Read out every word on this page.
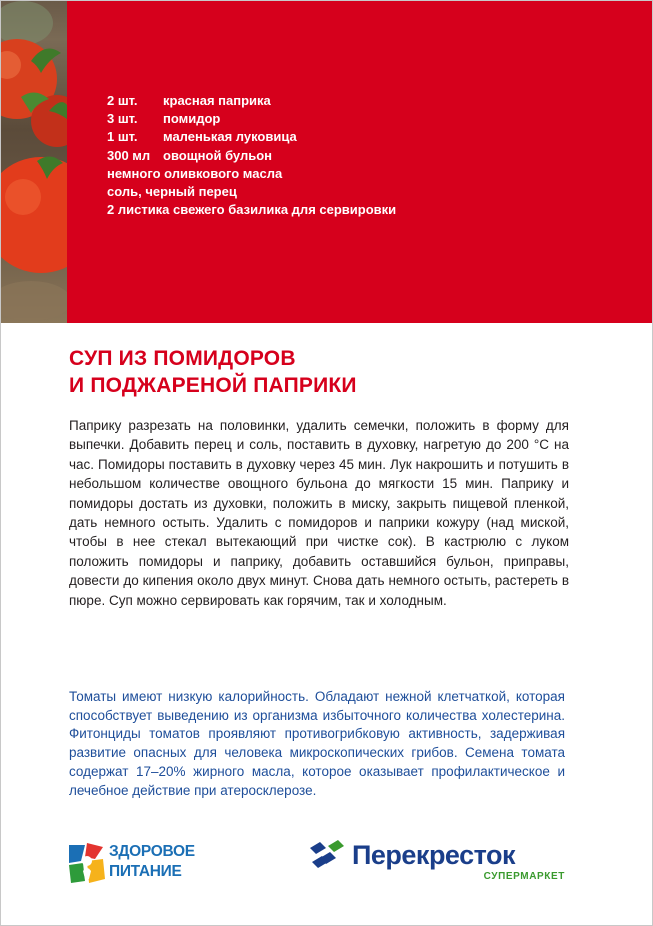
2 шт. красная паприка
3 шт. помидор
1 шт. маленькая луковица
300 мл овощной бульон
немного оливкового масла
соль, черный перец
2 листика свежего базилика для сервировки
СУП ИЗ ПОМИДОРОВ
И ПОДЖАРЕНОЙ ПАПРИКИ

Паприку разрезать на половинки, удалить семечки, положить в форму для выпечки. Добавить перец и соль, поставить в духовку, нагретую до 200 °С на час. Помидоры поставить в духовку через 45 мин. Лук накрошить и потушить в небольшом количестве овощного бульона до мягкости 15 мин. Паприку и помидоры достать из духовки, положить в миску, закрыть пищевой пленкой, дать немного остыть. Удалить с помидоров и паприки кожуру (над миской, чтобы в нее стекал вытекающий при чистке сок). В кастрюлю с луком положить помидоры и паприку, добавить оставшийся бульон, приправы, довести до кипения около двух минут. Снова дать немного остыть, растереть в пюре. Суп можно сервировать как горячим, так и холодным.

Томаты имеют низкую калорийность. Обладают нежной клетчаткой, которая способствует выведению из организма избыточного количества холестерина. Фитонциды томатов проявляют противогрибковую активность, задерживая развитие опасных для человека микроскопических грибов. Семена томата содержат 17–20% жирного масла, которое оказывает профилактическое и лечебное действие при атеросклерозе.

ЗДОРОВОЕ
ПИТАНИЕ
Перекресток
СУПЕРМАРКЕТ
